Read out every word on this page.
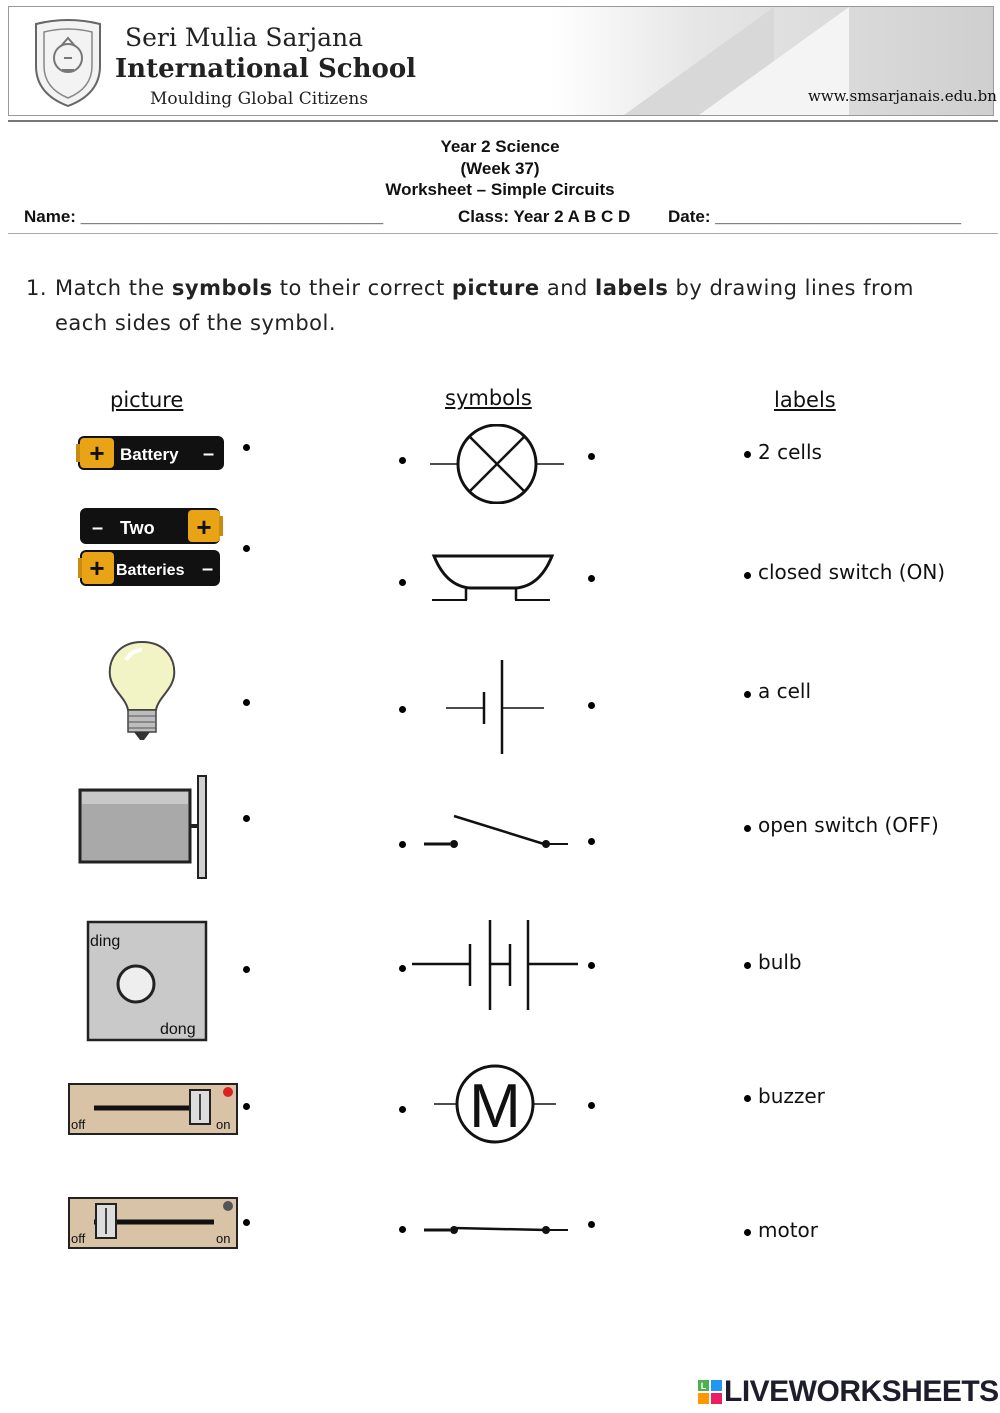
Seri Mulia Sarjana
International School
Moulding Global Citizens	www.smsarjanais.edu.bn
Year 2 Science
(Week 37)
Worksheet – Simple Circuits
Name: ________________________________	Class: Year 2 A B C D Date: __________________________
1. Match the symbols to their correct picture and labels by drawing lines from
each sides of the symbol.
picture	symbols	labels
+ Battery –
+
– Two
+ Batteries –
ding
dong
off	on
off	on
M
2 cells
closed switch (ON)
a cell
open switch (OFF)
bulb
buzzer
motor
L LIVEWORKSHEETS
